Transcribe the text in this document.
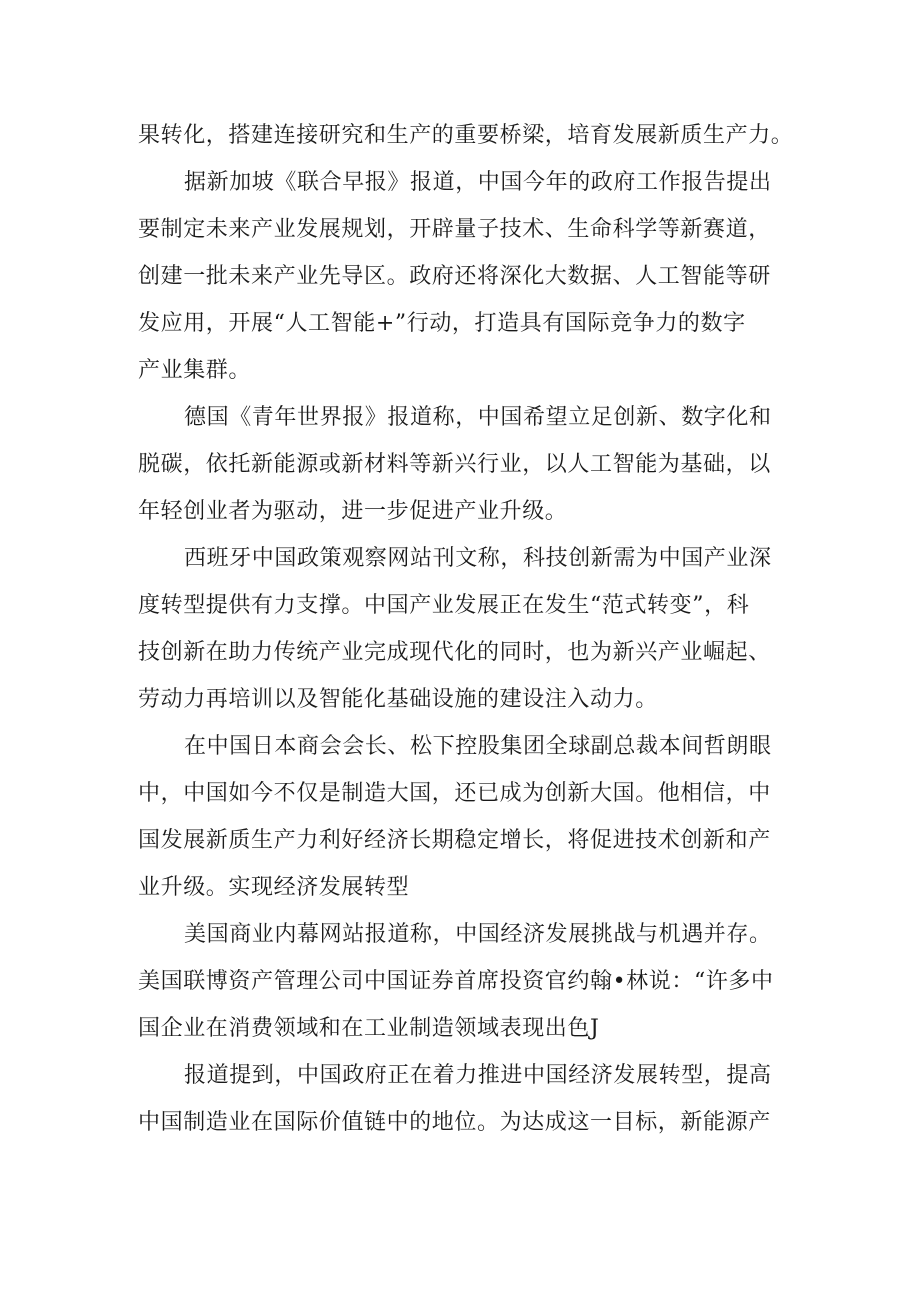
果转化，搭建连接研究和生产的重要桥梁，培育发展新质生产力。
据新加坡《联合早报》报道，中国今年的政府工作报告提出
要制定未来产业发展规划，开辟量子技术、生命科学等新赛道，
创建一批未来产业先导区。政府还将深化大数据、人工智能等研
发应用，开展“人工智能+”行动，打造具有国际竞争力的数字
产业集群。
德国《青年世界报》报道称，中国希望立足创新、数字化和
脱碳，依托新能源或新材料等新兴行业，以人工智能为基础，以
年轻创业者为驱动，进一步促进产业升级。
西班牙中国政策观察网站刊文称，科技创新需为中国产业深
度转型提供有力支撑。中国产业发展正在发生“范式转变”，科
技创新在助力传统产业完成现代化的同时，也为新兴产业崛起、
劳动力再培训以及智能化基础设施的建设注入动力。
在中国日本商会会长、松下控股集团全球副总裁本间哲朗眼
中，中国如今不仅是制造大国，还已成为创新大国。他相信，中
国发展新质生产力利好经济长期稳定增长，将促进技术创新和产
业升级。实现经济发展转型
美国商业内幕网站报道称，中国经济发展挑战与机遇并存。
美国联博资产管理公司中国证券首席投资官约翰•林说：“许多中
国企业在消费领域和在工业制造领域表现出色J
报道提到，中国政府正在着力推进中国经济发展转型，提高
中国制造业在国际价值链中的地位。为达成这一目标，新能源产
